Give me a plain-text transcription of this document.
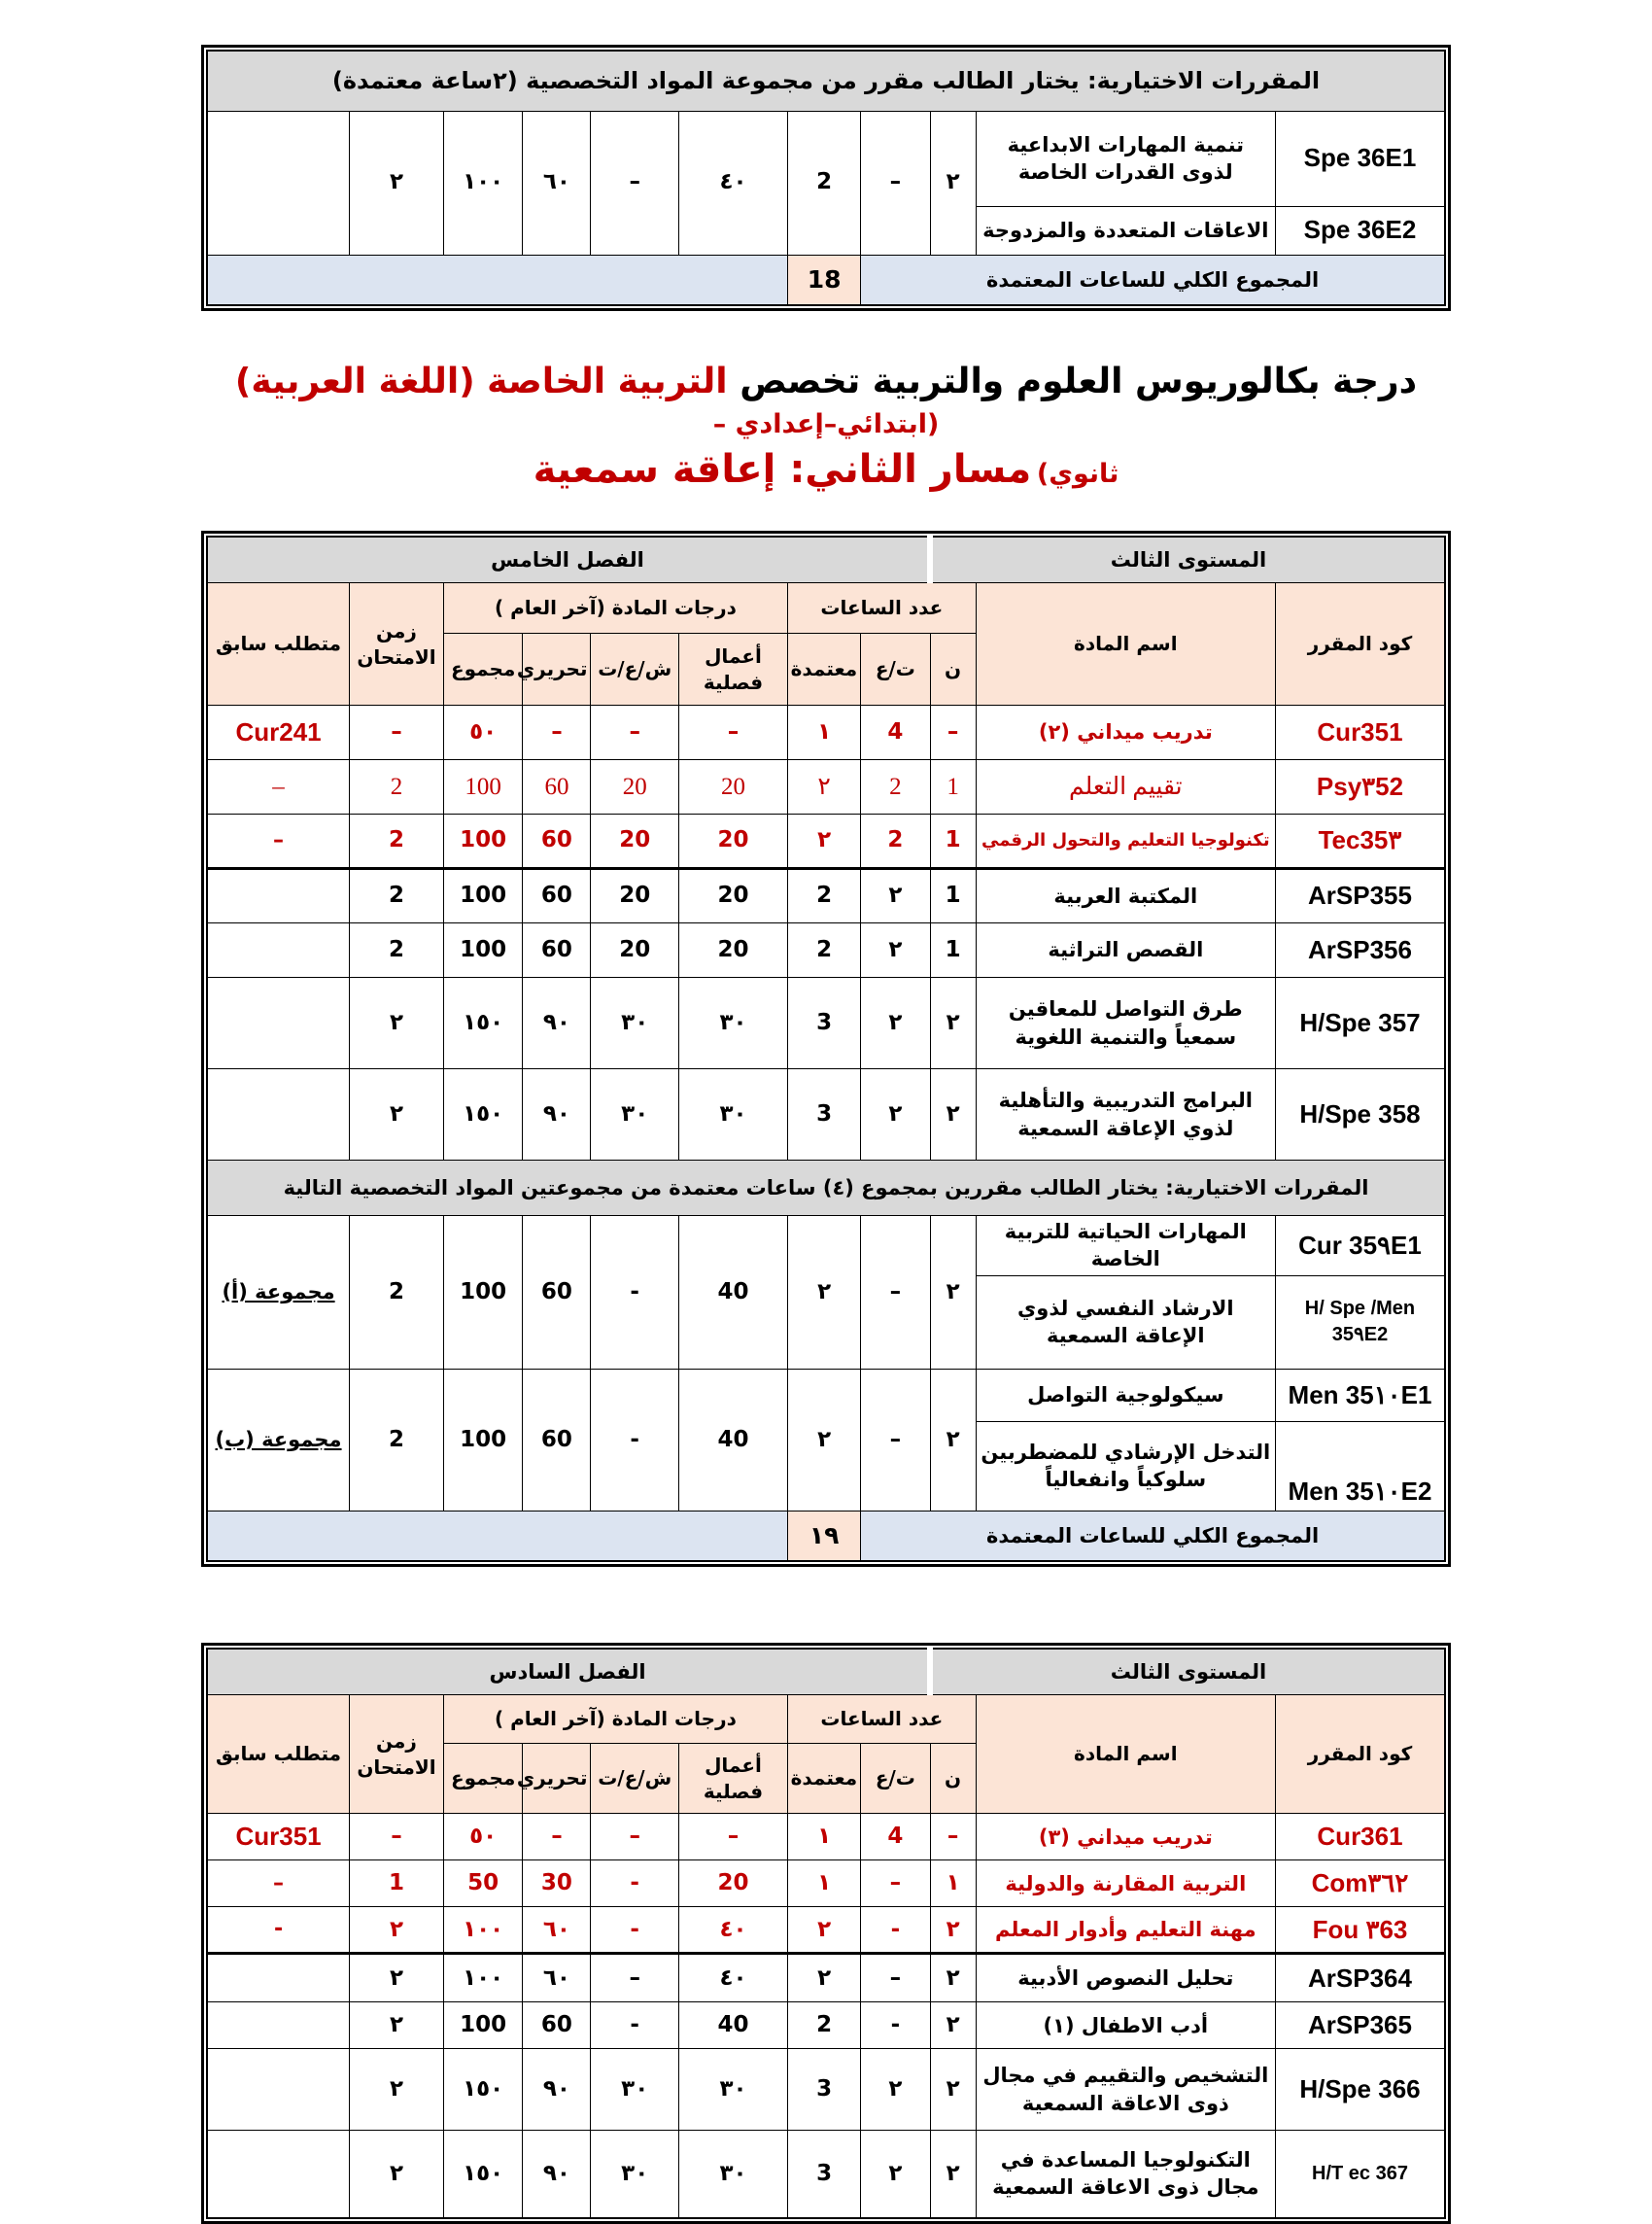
المقررات الاختيارية: يختار الطالب مقرر من مجموعة المواد التخصصية (٢ساعة معتمدة)										
Spe 36E1	تنمية المهارات الابداعية لذوى القدرات الخاصة	٢	–	2	٤٠	–	٦٠	١٠٠	٢	
Spe 36E2	الاعاقات المتعددة والمزدوجة									
المجموع الكلي للساعات المعتمدة				18						
درجة بكالوريوس العلوم والتربية تخصص التربية الخاصة (اللغة العربية) (ابتدائي–إعدادي –
ثانوي) مسار الثاني: إعاقة سمعية
المستوى الثالث			الفصل الخامس							
كود المقرر	اسم المادة	عدد الساعات			درجات المادة (آخر العام )				زمن الامتحان	متطلب سابق
		ن	ت/ع	معتمدة	أعمال فصلية	ش/ع/ت	تحريري	مجموع		
Cur351	تدريب ميداني (٢)	–	4	١	–	–	–	٥٠	–	Cur241
Psy٣52	تقييم التعلم	1	2	٢	20	20	60	100	2	–
Tec35٣	تكنولوجيا التعليم والتحول الرقمي	1	2	٢	20	20	60	100	2	–
ArSP355	المكتبة العربية	1	٢	2	20	20	60	100	2	
ArSP356	القصص التراثية	1	٢	2	20	20	60	100	2	
H/Spe 357	طرق التواصل للمعاقين سمعياً والتنمية اللغوية	٢	٢	3	٣٠	٣٠	٩٠	١٥٠	٢	
H/Spe 358	البرامج التدريبية والتأهلية لذوي الإعاقة السمعية	٢	٢	3	٣٠	٣٠	٩٠	١٥٠	٢	
المقررات الاختيارية: يختار الطالب مقررين بمجموع (٤) ساعات معتمدة من مجموعتين المواد التخصصية التالية										
Cur 35٩E1	المهارات الحياتية للتربية الخاصة	٢	–	٢	40	-	60	100	2	مجموعة (أ)
H/ Spe /Men 35٩E2	الارشاد النفسي لذوي الإعاقة السمعية									
Men 35١٠E1	سيكولوجية التواصل	٢	–	٢	40	-	60	100	2	مجموعة (ب)
Men 35١٠E2	التدخل الإرشادي للمضطربين سلوكياً وانفعالياً									
المجموع الكلي للساعات المعتمدة				١٩						
المستوى الثالث			الفصل السادس							
كود المقرر	اسم المادة	عدد الساعات			درجات المادة (آخر العام )				زمن الامتحان	متطلب سابق
		ن	ت/ع	معتمدة	أعمال فصلية	ش/ع/ت	تحريري	مجموع		
Cur361	تدريب ميداني (٣)	–	4	١	–	–	–	٥٠	–	Cur351
Com٣٦٢	التربية المقارنة والدولية	١	–	١	20	-	30	50	1	–
Fou ٣63	مهنة التعليم وأدوار المعلم	٢	-	٢	٤٠	-	٦٠	١٠٠	٢	-
ArSP364	تحليل النصوص الأدبية	٢	–	٢	٤٠	–	٦٠	١٠٠	٢	
ArSP365	أدب الاطفال (١)	٢	-	2	40	-	60	100	٢	
H/Spe 366	التشخيص والتقييم في مجال ذوى الاعاقة السمعية	٢	٢	3	٣٠	٣٠	٩٠	١٥٠	٢	
H/T ec 367	التكنولوجيا المساعدة في مجال ذوى الاعاقة السمعية	٢	٢	3	٣٠	٣٠	٩٠	١٥٠	٢	
